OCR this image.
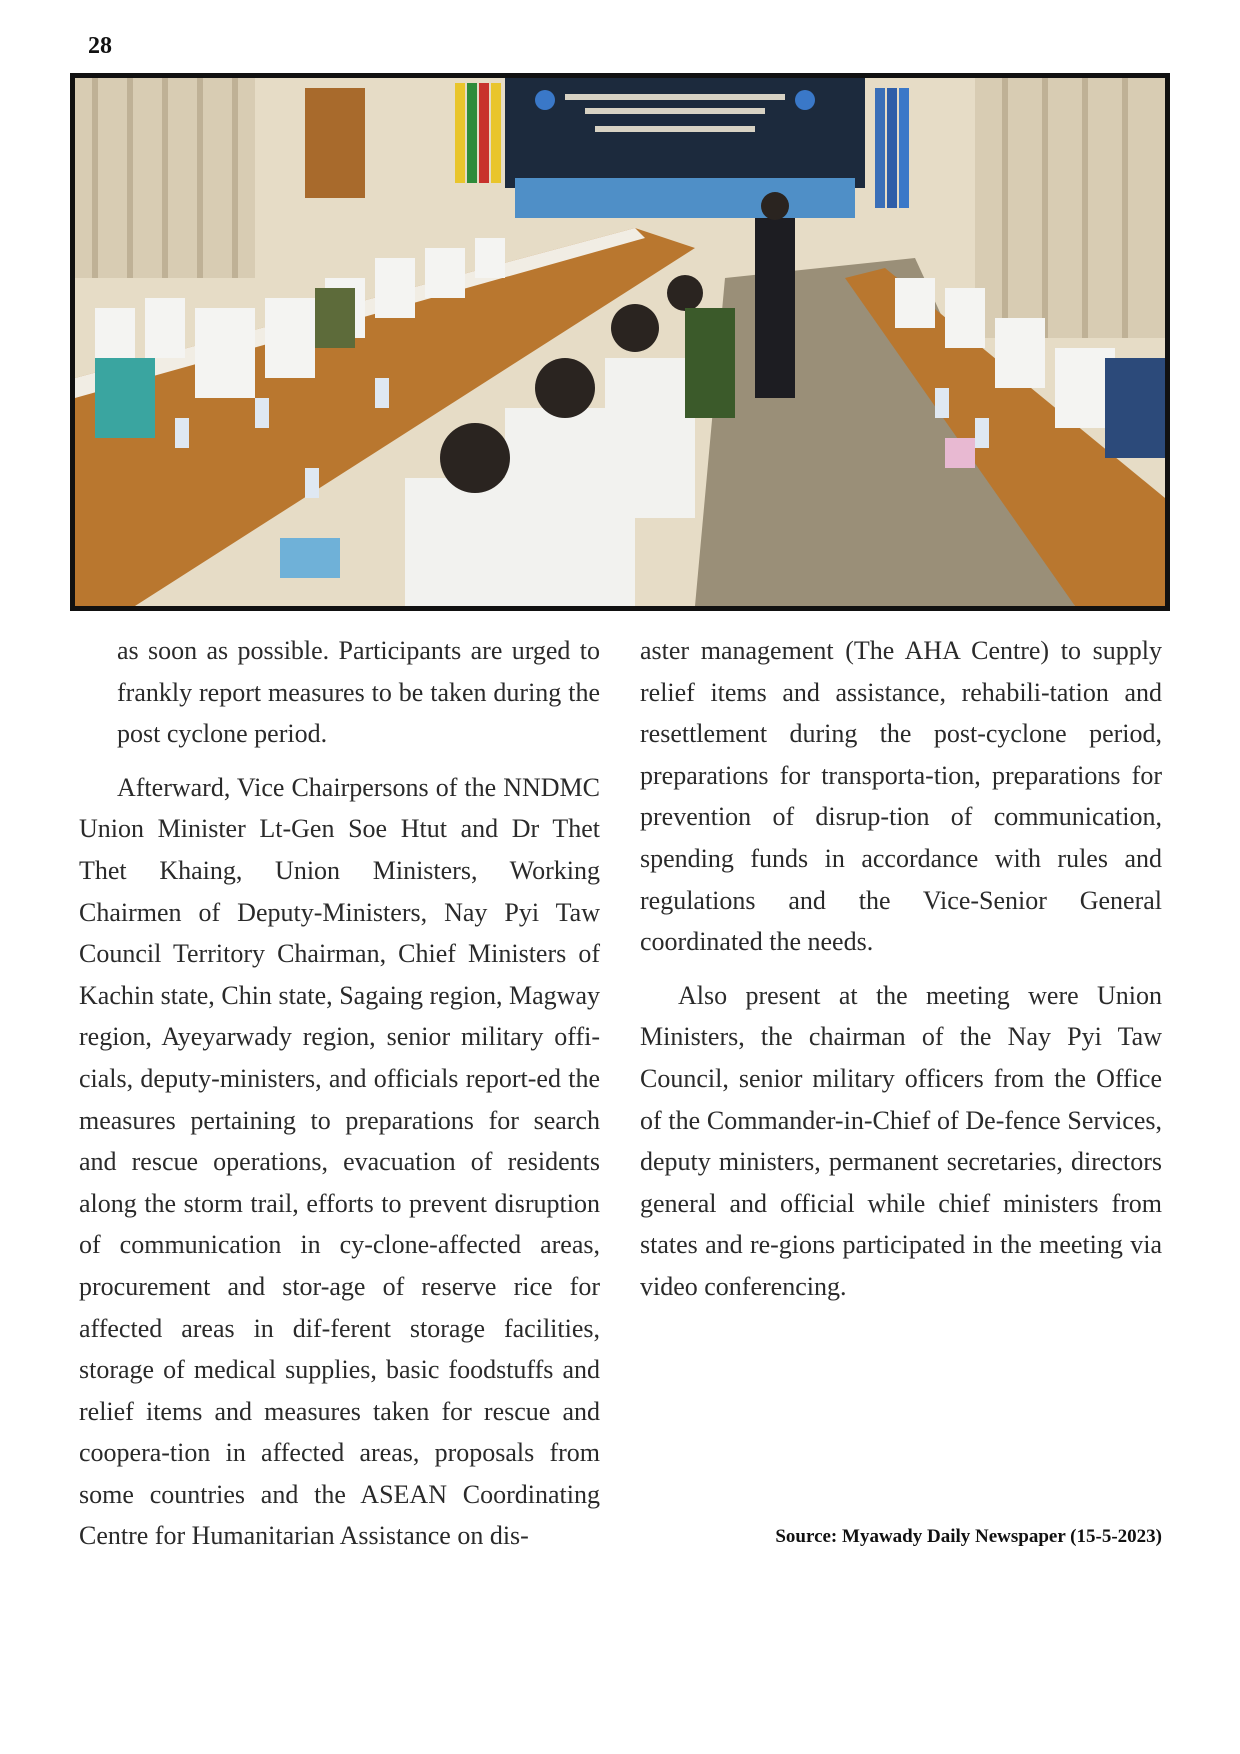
28

as soon as possible. Participants are urged to frankly report measures to be taken during the post cyclone period.

Afterward, Vice Chairpersons of the NNDMC Union Minister Lt-Gen Soe Htut and Dr Thet Thet Khaing, Union Ministers, Working Chairmen of Deputy-Ministers, Nay Pyi Taw Council Territory Chairman, Chief Ministers of Kachin state, Chin state, Sagaing region, Magway region, Ayeyarwady region, senior military offi-cials, deputy-ministers, and officials report-ed the measures pertaining to preparations for search and rescue operations, evacuation of residents along the storm trail, efforts to prevent disruption of communication in cy-clone-affected areas, procurement and stor-age of reserve rice for affected areas in dif-ferent storage facilities, storage of medical supplies, basic foodstuffs and relief items and measures taken for rescue and coopera-tion in affected areas, proposals from some countries and the ASEAN Coordinating Centre for Humanitarian Assistance on dis-

aster management (The AHA Centre) to supply relief items and assistance, rehabili-tation and resettlement during the post-cyclone period, preparations for transporta-tion, preparations for prevention of disrup-tion of communication, spending funds in accordance with rules and regulations and the Vice-Senior General coordinated the needs.

Also present at the meeting were Union Ministers, the chairman of the Nay Pyi Taw Council, senior military officers from the Office of the Commander-in-Chief of De-fence Services, deputy ministers, permanent secretaries, directors general and official while chief ministers from states and re-gions participated in the meeting via video conferencing.

Source: Myawady Daily Newspaper (15-5-2023)
